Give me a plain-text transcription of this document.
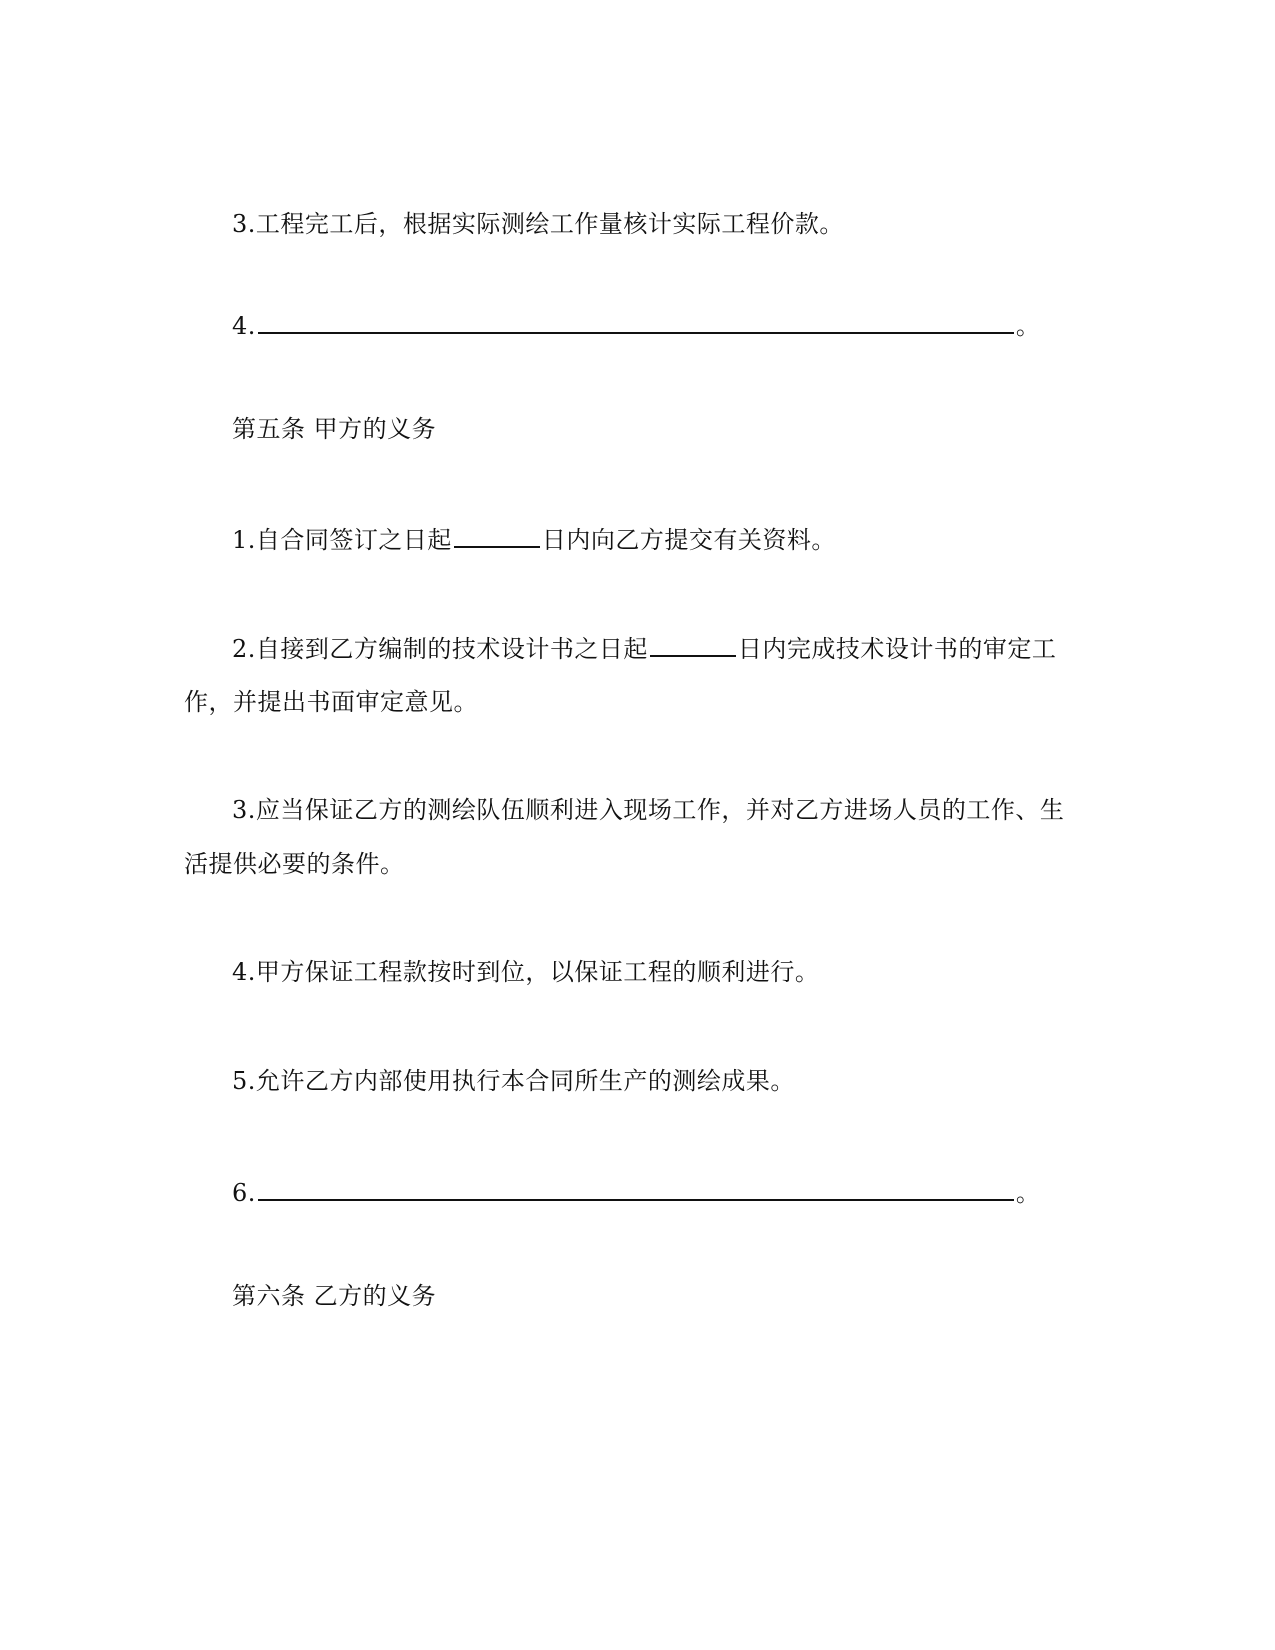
3.工程完工后，根据实际测绘工作量核计实际工程价款。
4.	。
第五条 甲方的义务
1.自合同签订之日起	日内向乙方提交有关资料。
2.自接到乙方编制的技术设计书之日起	日内完成技术设计书的审定工
作，并提出书面审定意见。
3.应当保证乙方的测绘队伍顺利进入现场工作，并对乙方进场人员的工作、生
活提供必要的条件。
4.甲方保证工程款按时到位，以保证工程的顺利进行。
5.允许乙方内部使用执行本合同所生产的测绘成果。
6.	。
第六条 乙方的义务
